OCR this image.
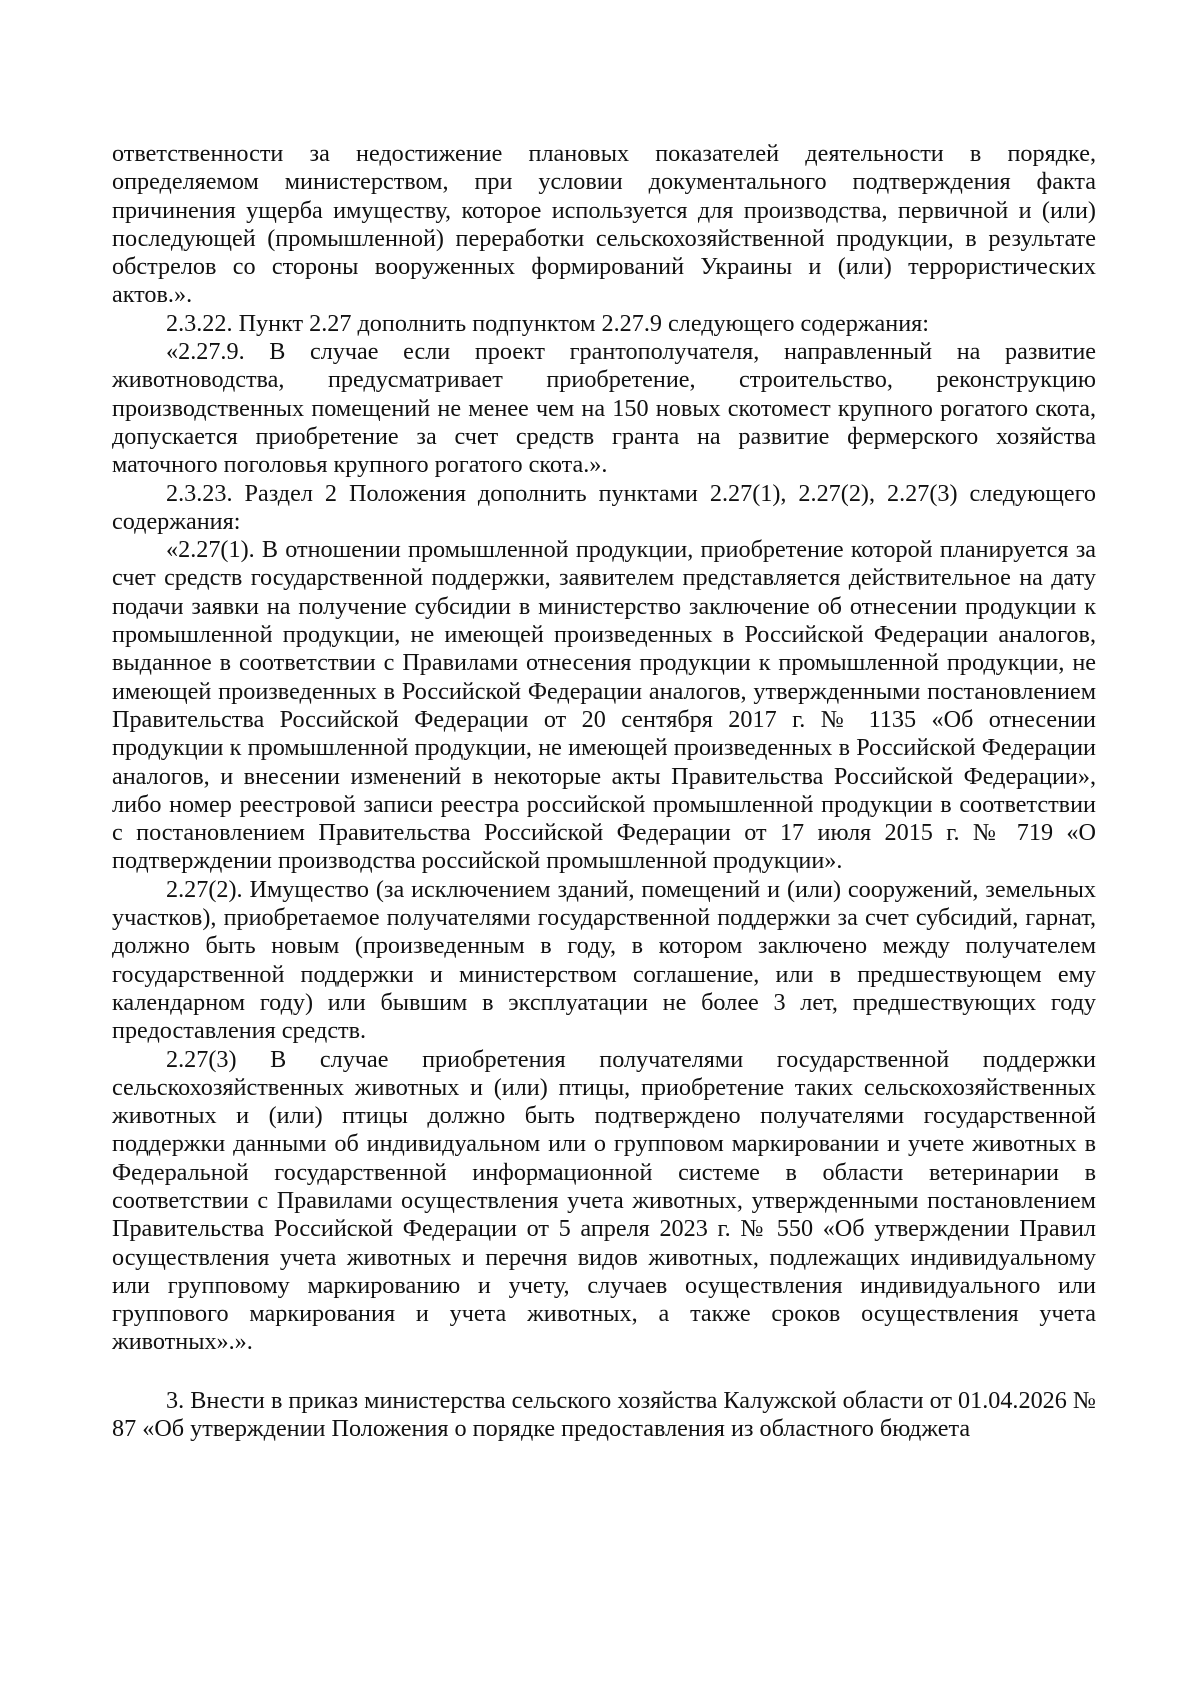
ответственности за недостижение плановых показателей деятельности в порядке, определяемом министерством, при условии документального подтверждения факта причинения ущерба имуществу, которое используется для производства, первичной и (или) последующей (промышленной) переработки сельскохозяйственной продукции, в результате обстрелов со стороны вооруженных формирований Украины и (или) террористических актов.».

2.3.22. Пункт 2.27 дополнить подпунктом 2.27.9 следующего содержания:

«2.27.9. В случае если проект грантополучателя, направленный на развитие животноводства, предусматривает приобретение, строительство, реконструкцию производственных помещений не менее чем на 150 новых скотомест крупного рогатого скота, допускается приобретение за счет средств гранта на развитие фермерского хозяйства маточного поголовья крупного рогатого скота.».

2.3.23. Раздел 2 Положения дополнить пунктами 2.27(1), 2.27(2), 2.27(3) следующего содержания:

«2.27(1). В отношении промышленной продукции, приобретение которой планируется за счет средств государственной поддержки, заявителем представляется действительное на дату подачи заявки на получение субсидии в министерство заключение об отнесении продукции к промышленной продукции, не имеющей произведенных в Российской Федерации аналогов, выданное в соответствии с Правилами отнесения продукции к промышленной продукции, не имеющей произведенных в Российской Федерации аналогов, утвержденными постановлением Правительства Российской Федерации от 20 сентября 2017 г. № 1135 «Об отнесении продукции к промышленной продукции, не имеющей произведенных в Российской Федерации аналогов, и внесении изменений в некоторые акты Правительства Российской Федерации», либо номер реестровой записи реестра российской промышленной продукции в соответствии с постановлением Правительства Российской Федерации от 17 июля 2015 г. № 719 «О подтверждении производства российской промышленной продукции».

2.27(2). Имущество (за исключением зданий, помещений и (или) сооружений, земельных участков), приобретаемое получателями государственной поддержки за счет субсидий, гарнат, должно быть новым (произведенным в году, в котором заключено между получателем государственной поддержки и министерством соглашение, или в предшествующем ему календарном году) или бывшим в эксплуатации не более 3 лет, предшествующих году предоставления средств.

2.27(3) В случае приобретения получателями государственной поддержки сельскохозяйственных животных и (или) птицы, приобретение таких сельскохозяйственных животных и (или) птицы должно быть подтверждено получателями государственной поддержки данными об индивидуальном или о групповом маркировании и учете животных в Федеральной государственной информационной системе в области ветеринарии в соответствии с Правилами осуществления учета животных, утвержденными постановлением Правительства Российской Федерации от 5 апреля 2023 г. № 550 «Об утверждении Правил осуществления учета животных и перечня видов животных, подлежащих индивидуальному или групповому маркированию и учету, случаев осуществления индивидуального или группового маркирования и учета животных, а также сроков осуществления учета животных».».

3. Внести в приказ министерства сельского хозяйства Калужской области от 01.04.2026 № 87 «Об утверждении Положения о порядке предоставления из областного бюджета
